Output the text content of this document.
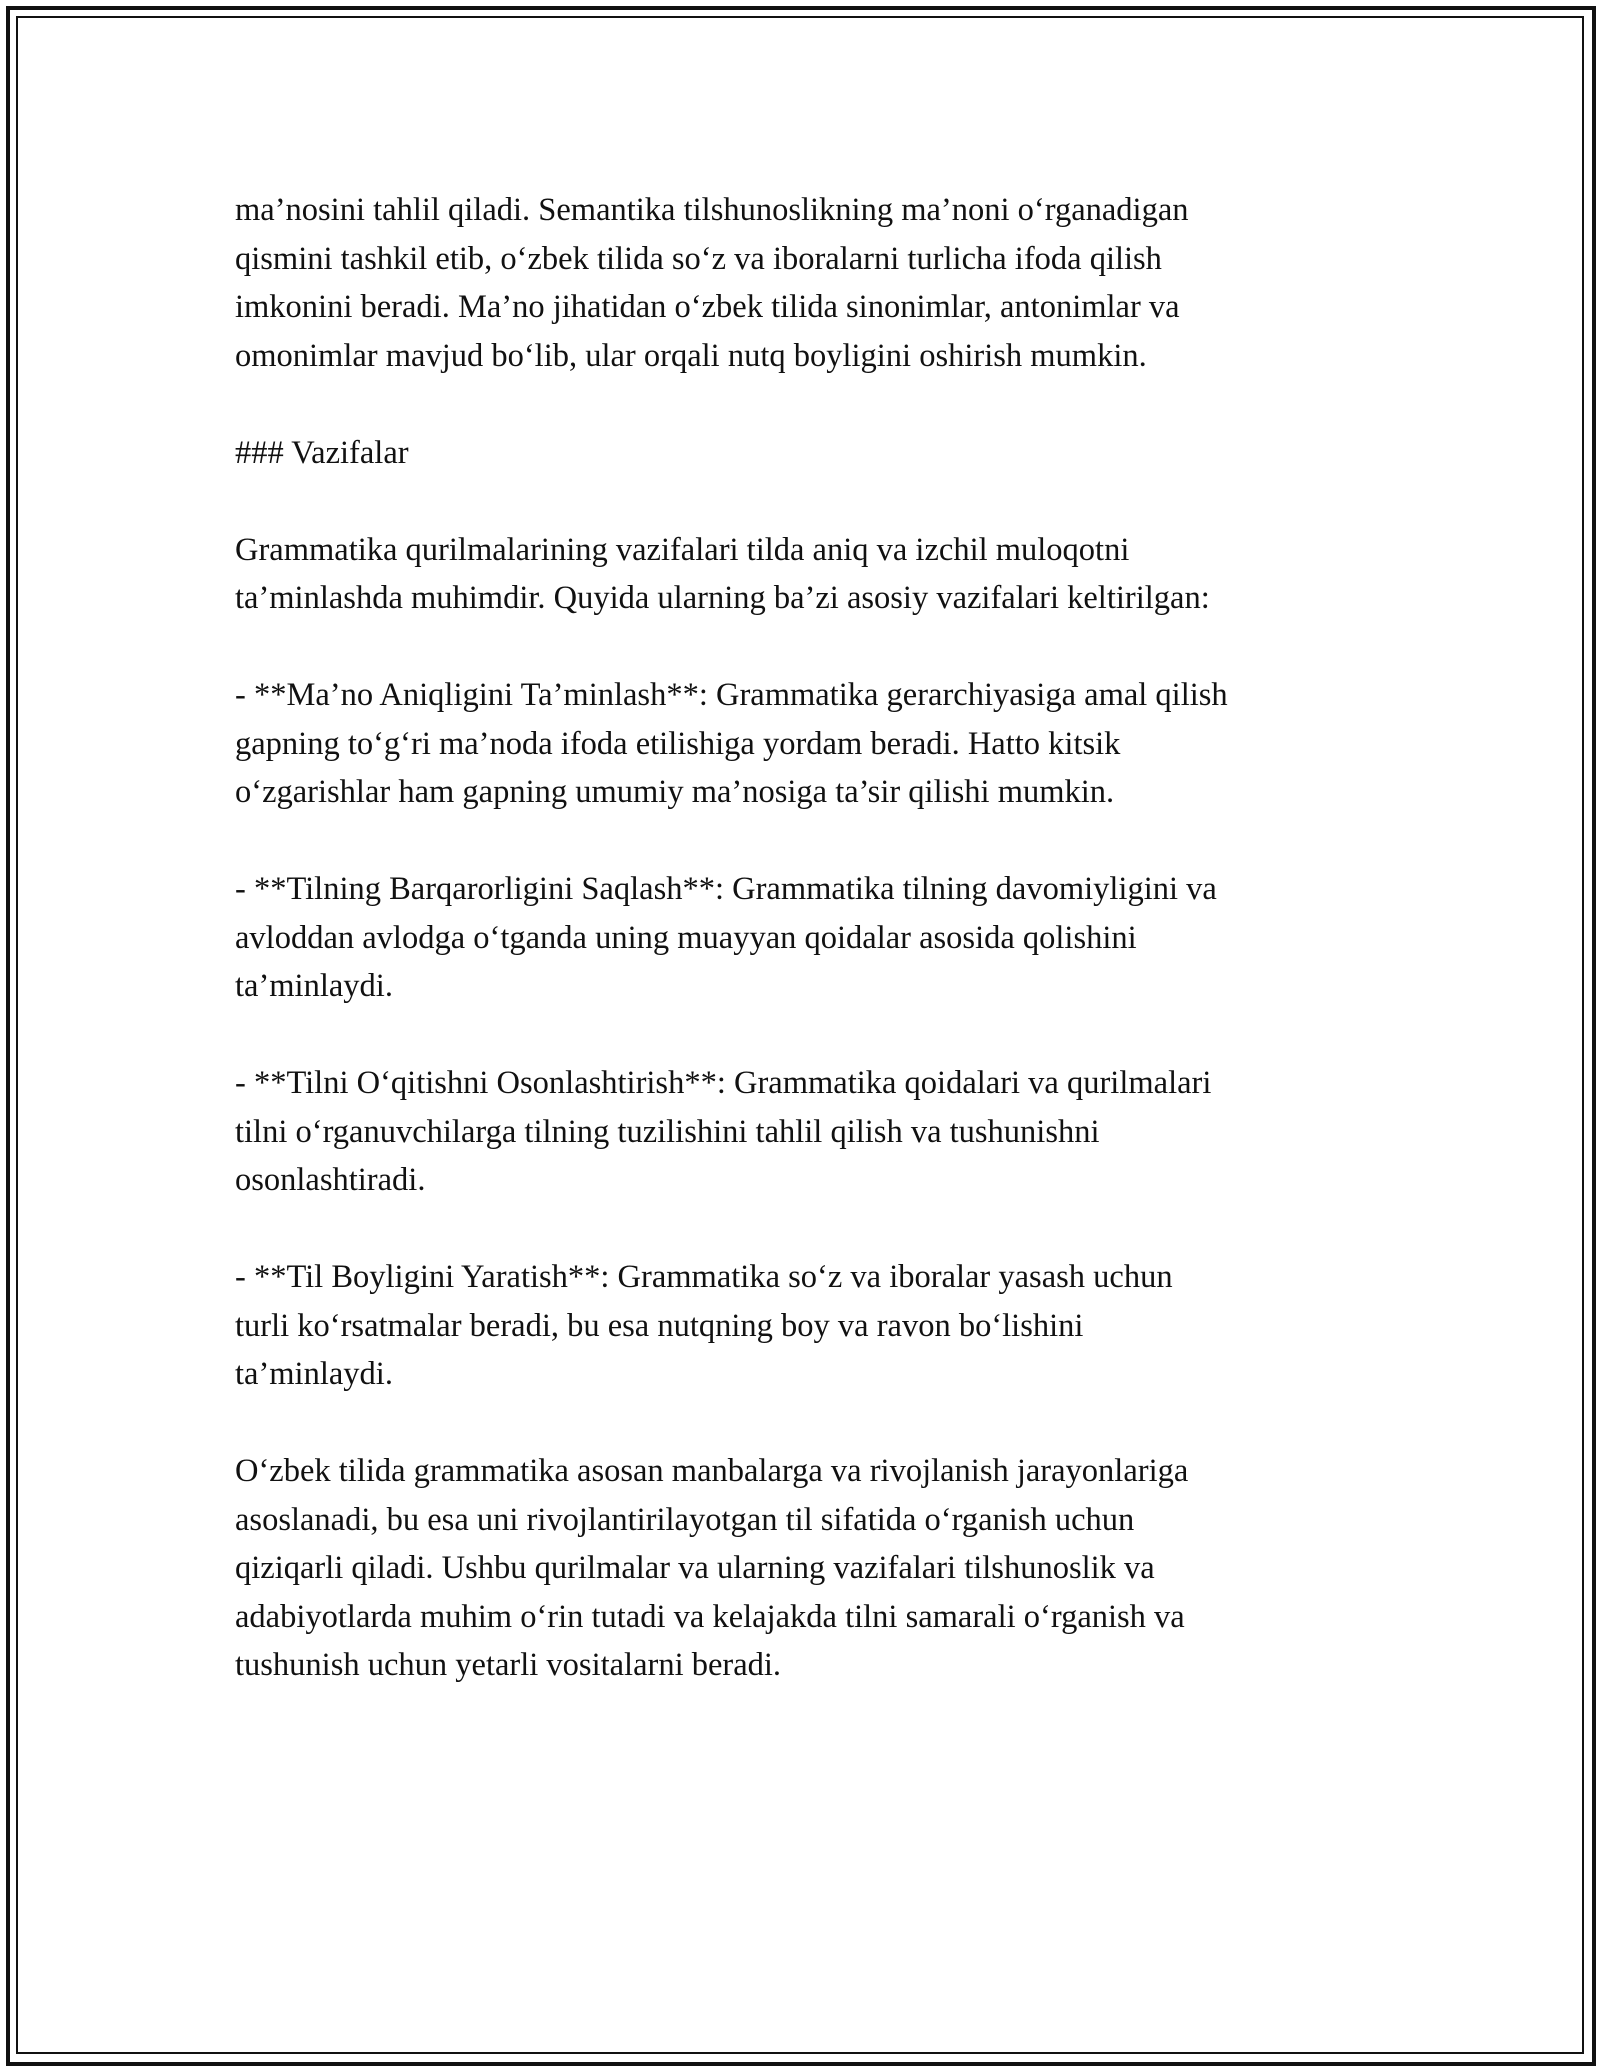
ma’nosini tahlil qiladi. Semantika tilshunoslikning ma’noni o‘rganadigan
qismini tashkil etib, o‘zbek tilida so‘z va iboralarni turlicha ifoda qilish
imkonini beradi. Ma’no jihatidan o‘zbek tilida sinonimlar, antonimlar va
omonimlar mavjud bo‘lib, ular orqali nutq boyligini oshirish mumkin.

### Vazifalar

Grammatika qurilmalarining vazifalari tilda aniq va izchil muloqotni
ta’minlashda muhimdir. Quyida ularning ba’zi asosiy vazifalari keltirilgan:

- **Ma’no Aniqligini Ta’minlash**: Grammatika gerarchiyasiga amal qilish
gapning to‘g‘ri ma’noda ifoda etilishiga yordam beradi. Hatto kitsik
o‘zgarishlar ham gapning umumiy ma’nosiga ta’sir qilishi mumkin.

- **Tilning Barqarorligini Saqlash**: Grammatika tilning davomiyligini va
avloddan avlodga o‘tganda uning muayyan qoidalar asosida qolishini
ta’minlaydi.

- **Tilni O‘qitishni Osonlashtirish**: Grammatika qoidalari va qurilmalari
tilni o‘rganuvchilarga tilning tuzilishini tahlil qilish va tushunishni
osonlashtiradi.

- **Til Boyligini Yaratish**: Grammatika so‘z va iboralar yasash uchun
turli ko‘rsatmalar beradi, bu esa nutqning boy va ravon bo‘lishini
ta’minlaydi.

O‘zbek tilida grammatika asosan manbalarga va rivojlanish jarayonlariga
asoslanadi, bu esa uni rivojlantirilayotgan til sifatida o‘rganish uchun
qiziqarli qiladi. Ushbu qurilmalar va ularning vazifalari tilshunoslik va
adabiyotlarda muhim o‘rin tutadi va kelajakda tilni samarali o‘rganish va
tushunish uchun yetarli vositalarni beradi.
